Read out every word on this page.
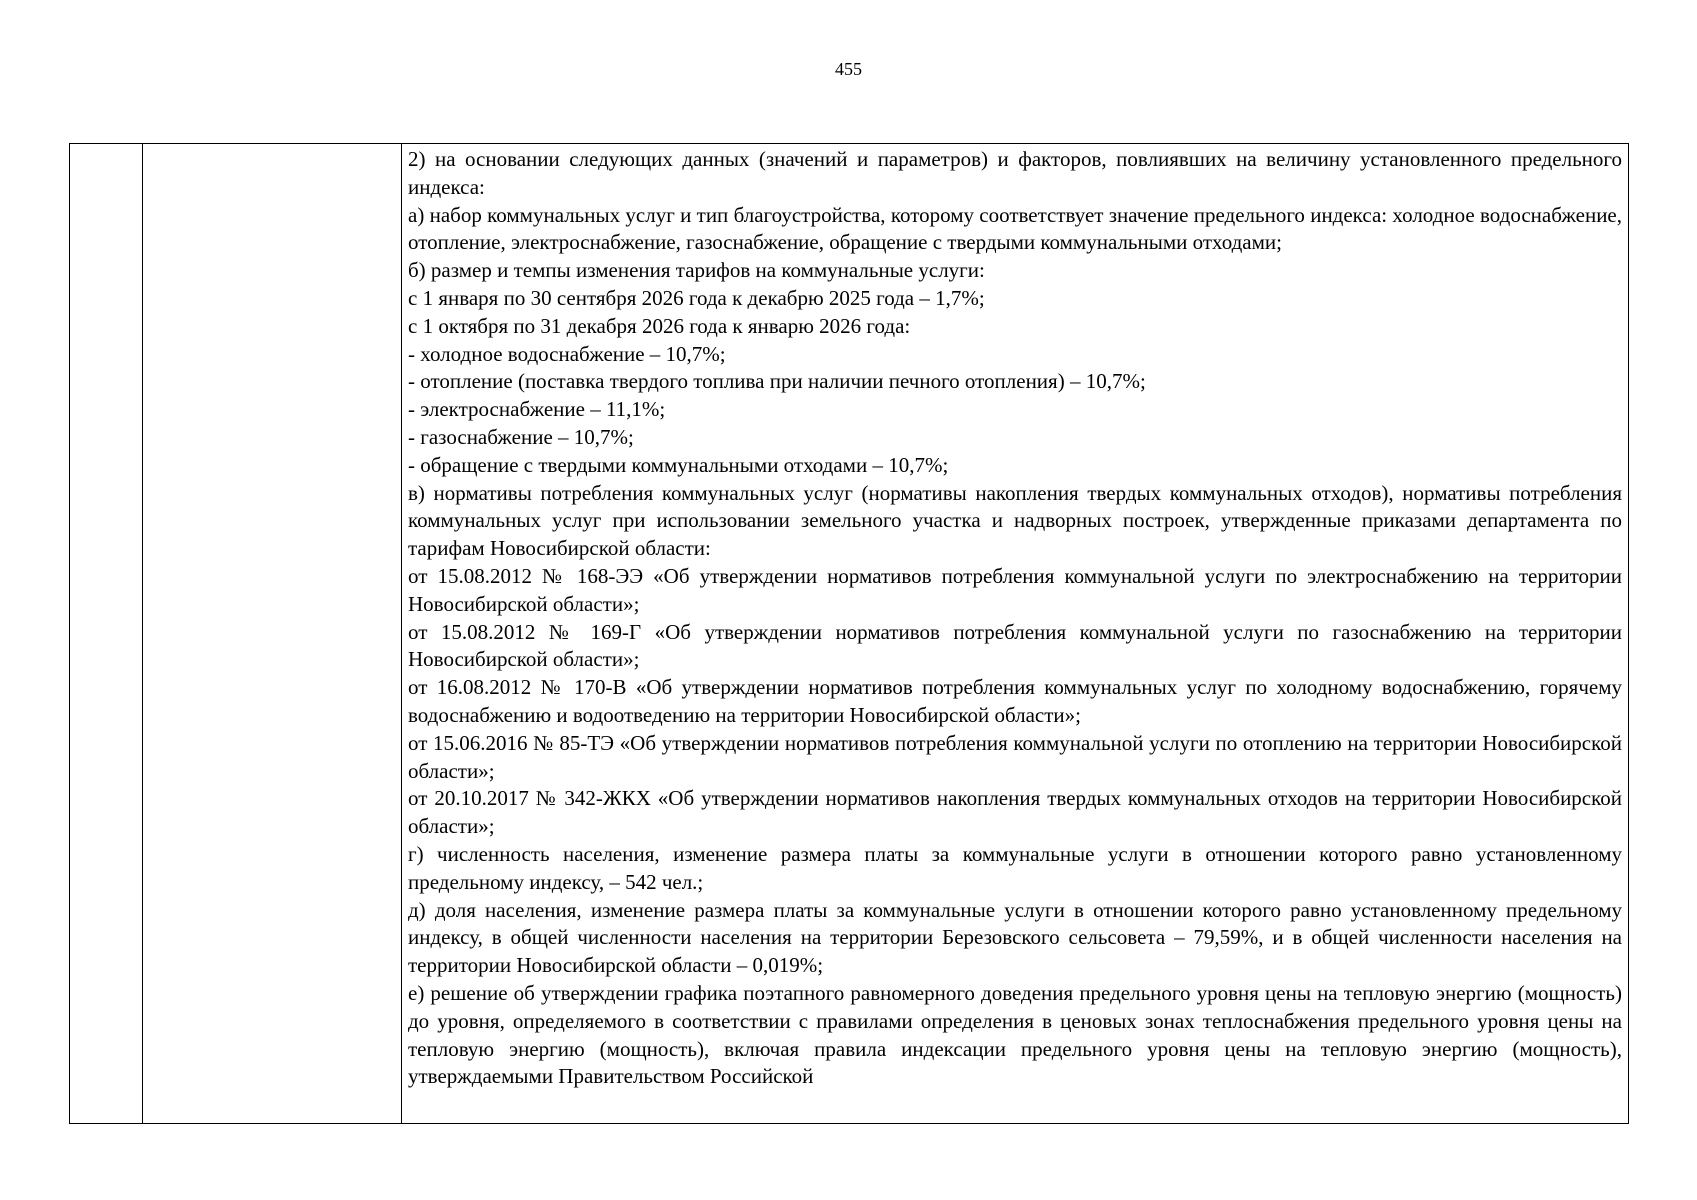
455

2) на основании следующих данных (значений и параметров) и факторов, повлиявших на величину установленного предельного индекса:

а) набор коммунальных услуг и тип благоустройства, которому соответствует значение предельного индекса: холодное водоснабжение, отопление, электроснабжение, газоснабжение, обращение с твердыми коммунальными отходами;

б) размер и темпы изменения тарифов на коммунальные услуги:

с 1 января по 30 сентября 2026 года к декабрю 2025 года – 1,7%;

с 1 октября по 31 декабря 2026 года к январю 2026 года:

- холодное водоснабжение – 10,7%;

- отопление (поставка твердого топлива при наличии печного отопления) – 10,7%;

- электроснабжение – 11,1%;

- газоснабжение – 10,7%;

- обращение с твердыми коммунальными отходами – 10,7%;

в) нормативы потребления коммунальных услуг (нормативы накопления твердых коммунальных отходов), нормативы потребления коммунальных услуг при использовании земельного участка и надворных построек, утвержденные приказами департамента по тарифам Новосибирской области:

от 15.08.2012 № 168-ЭЭ «Об утверждении нормативов потребления коммунальной услуги по электроснабжению на территории Новосибирской области»;

от 15.08.2012 № 169-Г «Об утверждении нормативов потребления коммунальной услуги по газоснабжению на территории Новосибирской области»;

от 16.08.2012 № 170-В «Об утверждении нормативов потребления коммунальных услуг по холодному водоснабжению, горячему водоснабжению и водоотведению на территории Новосибирской области»;

от 15.06.2016 № 85-ТЭ «Об утверждении нормативов потребления коммунальной услуги по отоплению на территории Новосибирской области»;

от 20.10.2017 № 342-ЖКХ «Об утверждении нормативов накопления твердых коммунальных отходов на территории Новосибирской области»;

г) численность населения, изменение размера платы за коммунальные услуги в отношении которого равно установленному предельному индексу, – 542 чел.;

д) доля населения, изменение размера платы за коммунальные услуги в отношении которого равно установленному предельному индексу, в общей численности населения на территории Березовского сельсовета – 79,59%, и в общей численности населения на территории Новосибирской области – 0,019%;

е) решение об утверждении графика поэтапного равномерного доведения предельного уровня цены на тепловую энергию (мощность) до уровня, определяемого в соответствии с правилами определения в ценовых зонах теплоснабжения предельного уровня цены на тепловую энергию (мощность), включая правила индексации предельного уровня цены на тепловую энергию (мощность), утверждаемыми Правительством Российской
